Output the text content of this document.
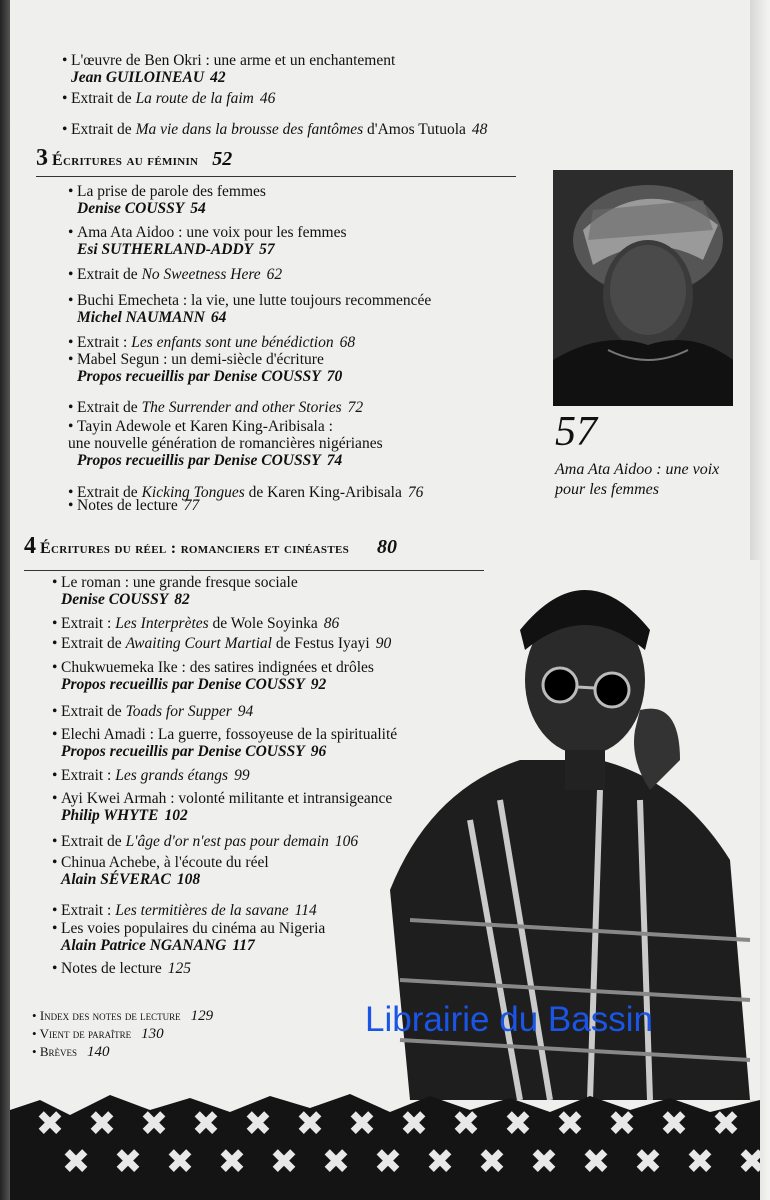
57
Ama Ata Aidoo : une voix pour les femmes
Librairie du Bassin
• L'œuvre de Ben Okri : une arme et un enchantement
Jean GUILOINEAU 42
• Extrait de La route de la faim 46
• Extrait de Ma vie dans la brousse des fantômes d'Amos Tutuola 48
3 Écritures au féminin 52
• La prise de parole des femmes
Denise COUSSY 54
• Ama Ata Aidoo : une voix pour les femmes
Esi SUTHERLAND-ADDY 57
• Extrait de No Sweetness Here 62
• Buchi Emecheta : la vie, une lutte toujours recommencée
Michel NAUMANN 64
• Extrait : Les enfants sont une bénédiction 68
• Mabel Segun : un demi-siècle d'écriture
Propos recueillis par Denise COUSSY 70
• Extrait de The Surrender and other Stories 72
• Tayin Adewole et Karen King-Aribisala :
une nouvelle génération de romancières nigérianes
Propos recueillis par Denise COUSSY 74
• Extrait de Kicking Tongues de Karen King-Aribisala 76
• Notes de lecture 77
4 Écritures du réel : romanciers et cinéastes 80
• Le roman : une grande fresque sociale
Denise COUSSY 82
• Extrait : Les Interprètes de Wole Soyinka 86
• Extrait de Awaiting Court Martial de Festus Iyayi 90
• Chukwuemeka Ike : des satires indignées et drôles
Propos recueillis par Denise COUSSY 92
• Extrait de Toads for Supper 94
• Elechi Amadi : La guerre, fossoyeuse de la spiritualité
Propos recueillis par Denise COUSSY 96
• Extrait : Les grands étangs 99
• Ayi Kwei Armah : volonté militante et intransigeance
Philip WHYTE 102
• Extrait de L'âge d'or n'est pas pour demain 106
• Chinua Achebe, à l'écoute du réel
Alain SÉVERAC 108
• Extrait : Les termitières de la savane 114
• Les voies populaires du cinéma au Nigeria
Alain Patrice NGANANG 117
• Notes de lecture 125
• Index des notes de lecture 129
• Vient de paraître 130
• Brèves 140
✖ ✖ ✖ ✖ ✖ ✖ ✖ ✖ ✖ ✖ ✖ ✖ ✖ ✖
✖ ✖ ✖ ✖ ✖ ✖ ✖ ✖ ✖ ✖ ✖ ✖ ✖ ✖
